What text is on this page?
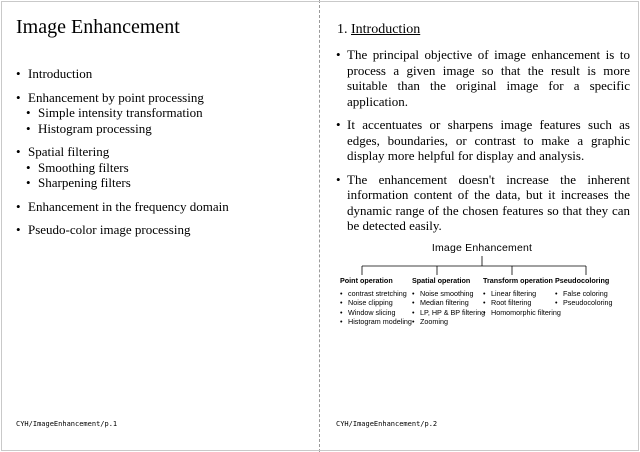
Image Enhancement
• Introduction
• Enhancement by point processing
• Simple intensity transformation
• Histogram processing
• Spatial filtering
• Smoothing filters
• Sharpening filters
• Enhancement in the frequency domain
• Pseudo-color image processing
CYH/ImageEnhancement/p.1
1. Introduction
• The principal objective of image enhancement is to process a given image so that the result is more suitable than the original image for a specific application.
• It accentuates or sharpens image features such as edges, boundaries, or contrast to make a graphic display more helpful for display and analysis.
• The enhancement doesn't increase the inherent information content of the data, but it increases the dynamic range of the chosen features so that they can be detected easily.
Image Enhancement
Point operation
• contrast stretching
• Noise clipping
• Window slicing
• Histogram modeling
Spatial operation
• Noise smoothing
• Median filtering
• LP, HP & BP filtering
• Zooming
Transform operation
• Linear filtering
• Root filtering
• Homomorphic filtering
Pseudocoloring
• False coloring
• Pseudocoloring
CYH/ImageEnhancement/p.2
